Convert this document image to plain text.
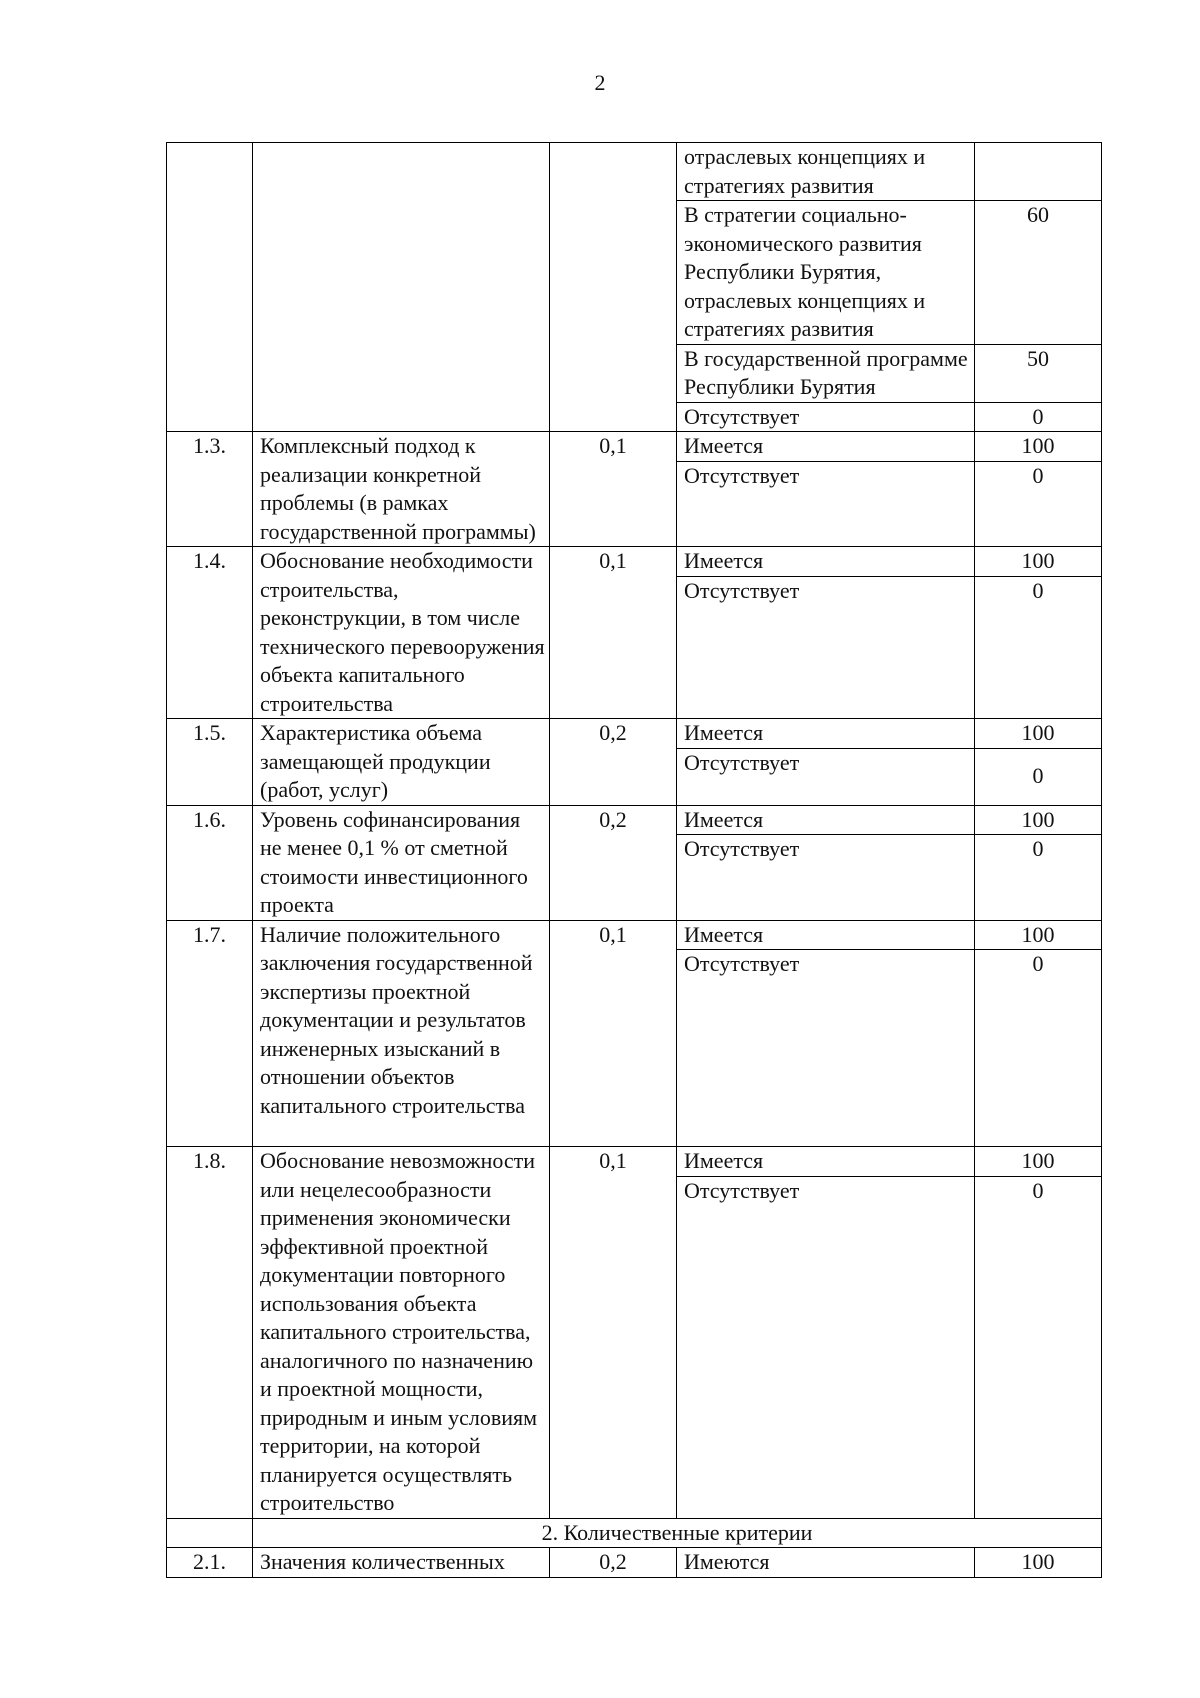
2
			отраслевых концепциях и стратегиях развития	
			В стратегии социально-экономического развития Республики Бурятия, отраслевых концепциях и стратегиях развития	60
			В государственной программе Республики Бурятия	50
			Отсутствует	0
1.3.	Комплексный подход к реализации конкретной проблемы (в рамках государственной программы)	0,1	Имеется	100
			Отсутствует	0
1.4.	Обоснование необходимости строительства, реконструкции, в том числе технического перевооружения объекта капитального строительства	0,1	Имеется	100
			Отсутствует	0
1.5.	Характеристика объема замещающей продукции (работ, услуг)	0,2	Имеется	100
			Отсутствует	0
1.6.	Уровень софинансирования не менее 0,1 % от сметной стоимости инвестиционного проекта	0,2	Имеется	100
			Отсутствует	0
1.7.	Наличие положительного заключения государственной экспертизы проектной документации и результатов инженерных изысканий в отношении объектов капитального строительства	0,1	Имеется	100
			Отсутствует	0
1.8.	Обоснование невозможности или нецелесообразности применения экономически эффективной проектной документации повторного использования объекта капитального строительства, аналогичного по назначению и проектной мощности, природным и иным условиям территории, на которой планируется осуществлять строительство	0,1	Имеется	100
			Отсутствует	0
	2. Количественные критерии			
2.1.	Значения количественных	0,2	Имеются	100
